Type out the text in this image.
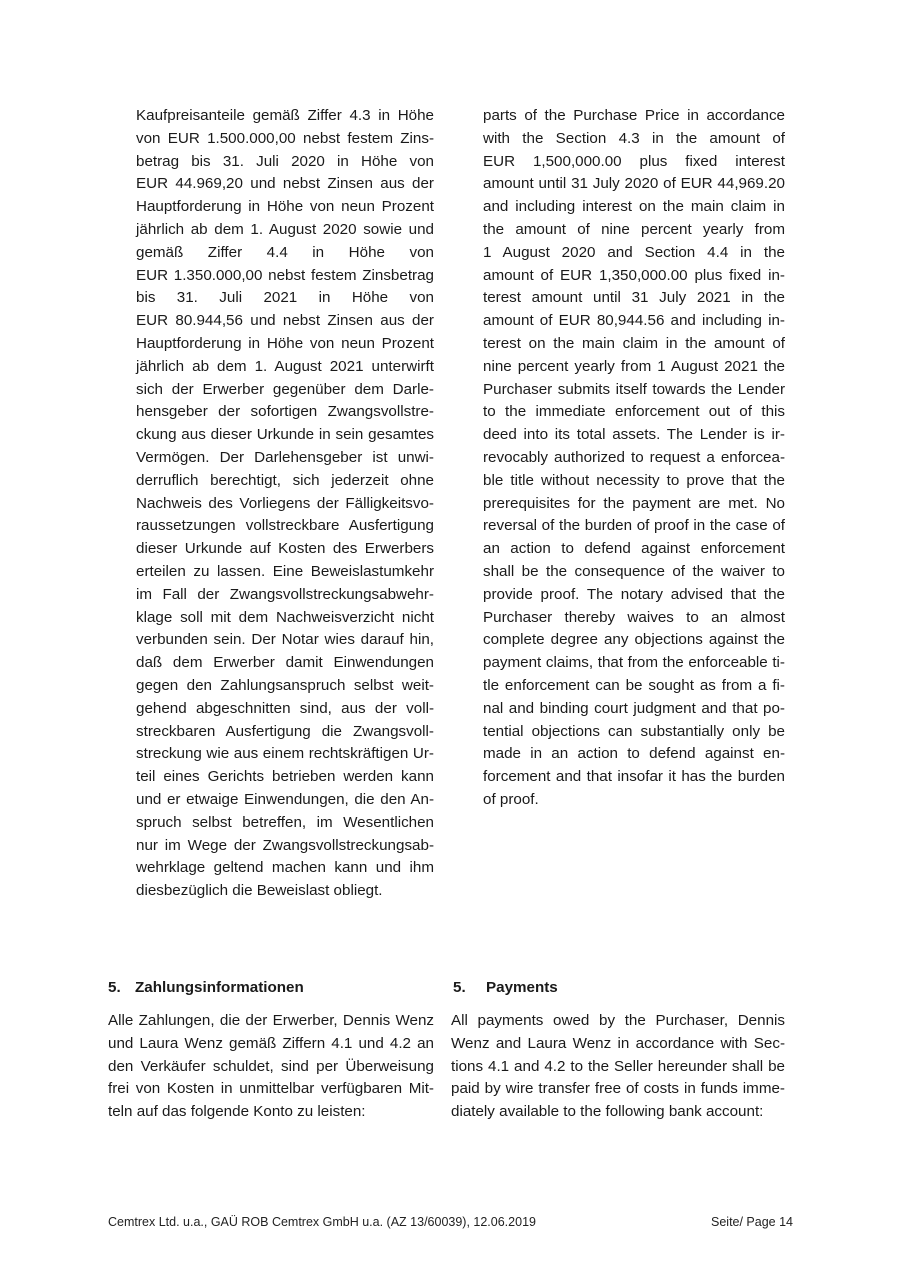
Kaufpreisanteile gemäß Ziffer 4.3 in Höhe
von EUR 1.500.000,00 nebst festem Zins-
betrag bis 31. Juli 2020 in Höhe von
EUR 44.969,20 und nebst Zinsen aus der
Hauptforderung in Höhe von neun Prozent
jährlich ab dem 1. August 2020 sowie und
gemäß Ziffer 4.4 in Höhe von
EUR 1.350.000,00 nebst festem Zinsbetrag
bis 31. Juli 2021 in Höhe von
EUR 80.944,56 und nebst Zinsen aus der
Hauptforderung in Höhe von neun Prozent
jährlich ab dem 1. August 2021 unterwirft
sich der Erwerber gegenüber dem Darle-
hensgeber der sofortigen Zwangsvollstre-
ckung aus dieser Urkunde in sein gesamtes
Vermögen. Der Darlehensgeber ist unwi-
derruflich berechtigt, sich jederzeit ohne
Nachweis des Vorliegens der Fälligkeitsvo-
raussetzungen vollstreckbare Ausfertigung
dieser Urkunde auf Kosten des Erwerbers
erteilen zu lassen. Eine Beweislastumkehr
im Fall der Zwangsvollstreckungsabwehr-
klage soll mit dem Nachweisverzicht nicht
verbunden sein. Der Notar wies darauf hin,
daß dem Erwerber damit Einwendungen
gegen den Zahlungsanspruch selbst weit-
gehend abgeschnitten sind, aus der voll-
streckbaren Ausfertigung die Zwangsvoll-
streckung wie aus einem rechtskräftigen Ur-
teil eines Gerichts betrieben werden kann
und er etwaige Einwendungen, die den An-
spruch selbst betreffen, im Wesentlichen
nur im Wege der Zwangsvollstreckungsab-
wehrklage geltend machen kann und ihm
diesbezüglich die Beweislast obliegt.
parts of the Purchase Price in accordance
with the Section 4.3 in the amount of
EUR 1,500,000.00 plus fixed interest
amount until 31 July 2020 of EUR 44,969.20
and including interest on the main claim in
the amount of nine percent yearly from
1 August 2020 and Section 4.4 in the
amount of EUR 1,350,000.00 plus fixed in-
terest amount until 31 July 2021 in the
amount of EUR 80,944.56 and including in-
terest on the main claim in the amount of
nine percent yearly from 1 August 2021 the
Purchaser submits itself towards the Lender
to the immediate enforcement out of this
deed into its total assets. The Lender is ir-
revocably authorized to request a enforcea-
ble title without necessity to prove that the
prerequisites for the payment are met. No
reversal of the burden of proof in the case of
an action to defend against enforcement
shall be the consequence of the waiver to
provide proof. The notary advised that the
Purchaser thereby waives to an almost
complete degree any objections against the
payment claims, that from the enforceable ti-
tle enforcement can be sought as from a fi-
nal and binding court judgment and that po-
tential objections can substantially only be
made in an action to defend against en-
forcement and that insofar it has the burden
of proof.
5. Zahlungsinformationen	5. Payments
Alle Zahlungen, die der Erwerber, Dennis Wenz
und Laura Wenz gemäß Ziffern 4.1 und 4.2 an
den Verkäufer schuldet, sind per Überweisung
frei von Kosten in unmittelbar verfügbaren Mit-
teln auf das folgende Konto zu leisten:
All payments owed by the Purchaser, Dennis
Wenz and Laura Wenz in accordance with Sec-
tions 4.1 and 4.2 to the Seller hereunder shall be
paid by wire transfer free of costs in funds imme-
diately available to the following bank account:
Cemtrex Ltd. u.a., GAÜ ROB Cemtrex GmbH u.a. (AZ 13/60039), 12.06.2019	Seite/ Page 14
